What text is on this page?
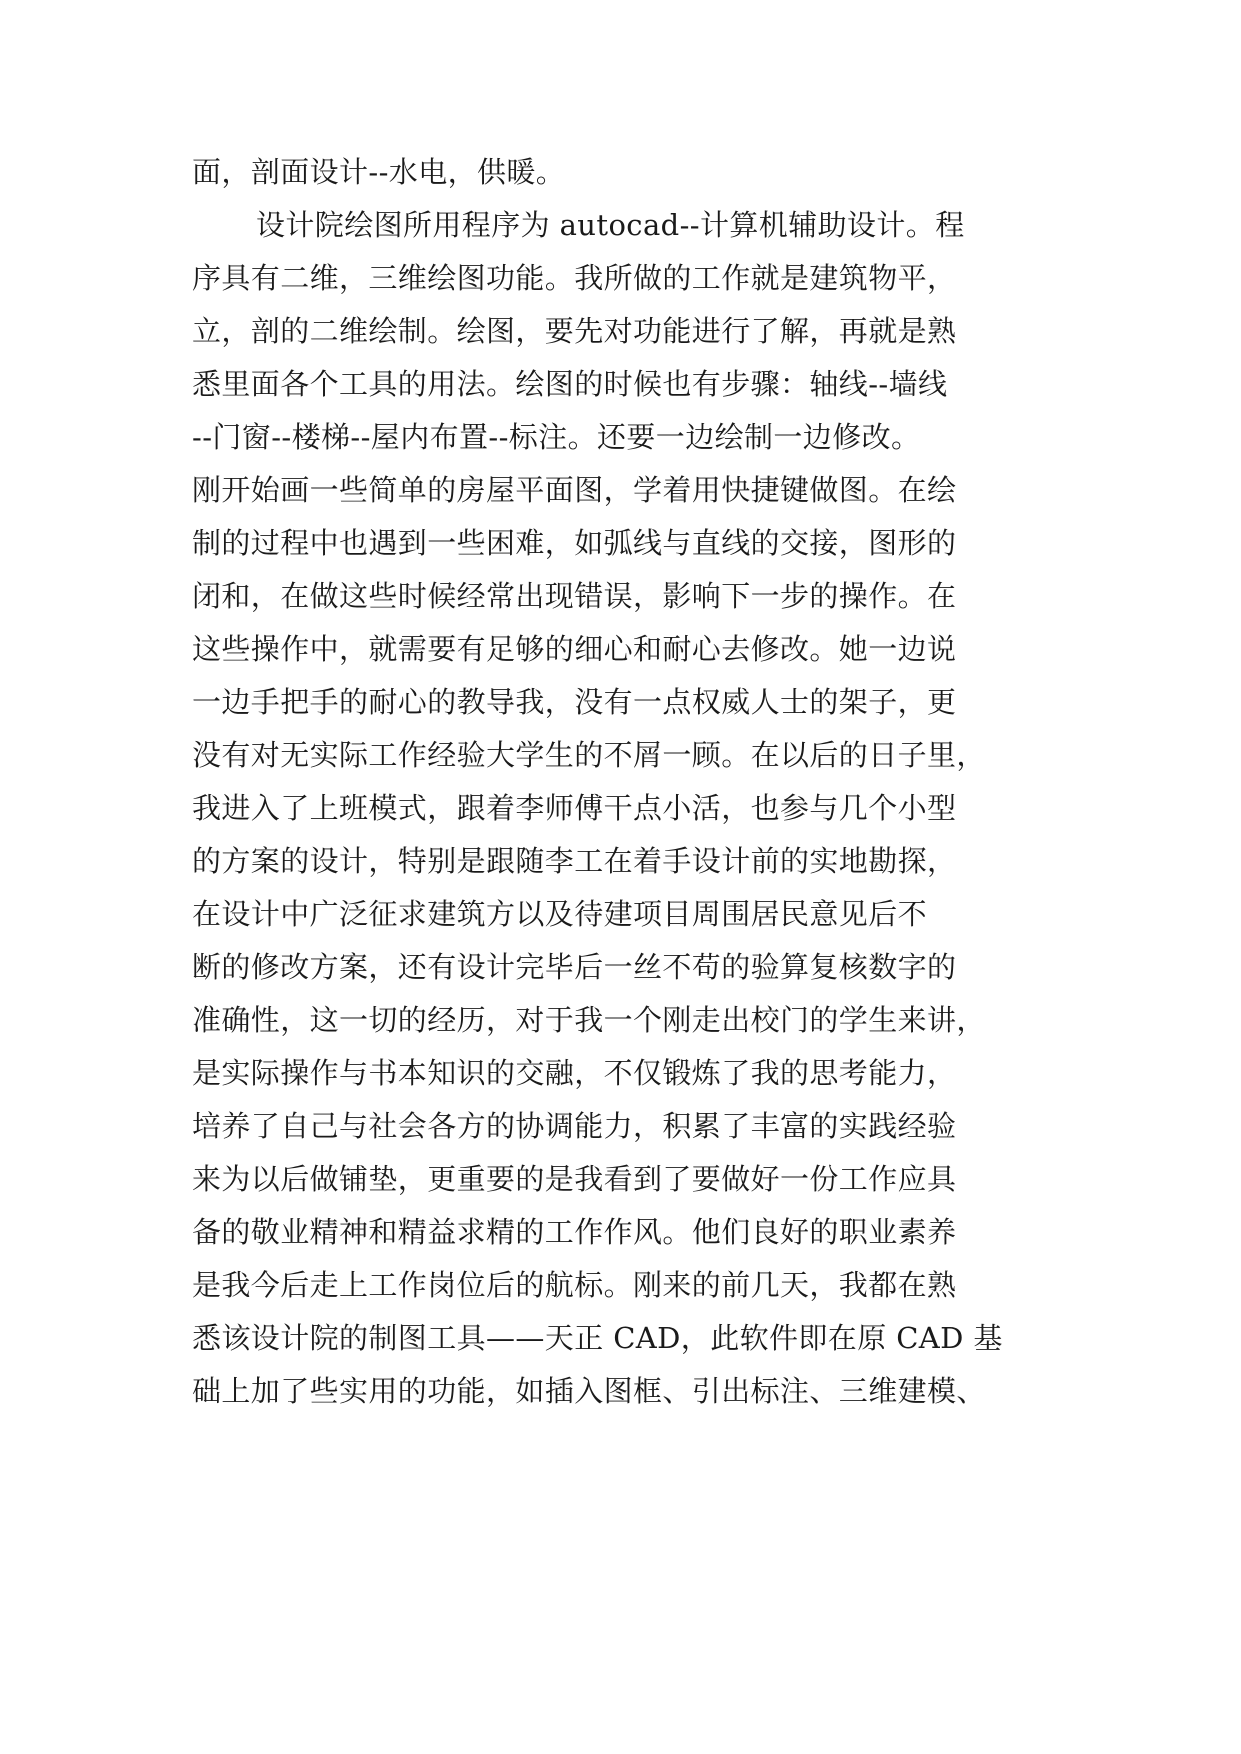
面，剖面设计--水电，供暖。
设计院绘图所用程序为 autocad--计算机辅助设计。程
序具有二维，三维绘图功能。我所做的工作就是建筑物平，
立，剖的二维绘制。绘图，要先对功能进行了解，再就是熟
悉里面各个工具的用法。绘图的时候也有步骤：轴线--墙线
--门窗--楼梯--屋内布置--标注。还要一边绘制一边修改。
刚开始画一些简单的房屋平面图，学着用快捷键做图。在绘
制的过程中也遇到一些困难，如弧线与直线的交接，图形的
闭和，在做这些时候经常出现错误，影响下一步的操作。在
这些操作中，就需要有足够的细心和耐心去修改。她一边说
一边手把手的耐心的教导我，没有一点权威人士的架子，更
没有对无实际工作经验大学生的不屑一顾。在以后的日子里，
我进入了上班模式，跟着李师傅干点小活，也参与几个小型
的方案的设计，特别是跟随李工在着手设计前的实地勘探，
在设计中广泛征求建筑方以及待建项目周围居民意见后不
断的修改方案，还有设计完毕后一丝不苟的验算复核数字的
准确性，这一切的经历，对于我一个刚走出校门的学生来讲，
是实际操作与书本知识的交融，不仅锻炼了我的思考能力，
培养了自己与社会各方的协调能力，积累了丰富的实践经验
来为以后做铺垫，更重要的是我看到了要做好一份工作应具
备的敬业精神和精益求精的工作作风。他们良好的职业素养
是我今后走上工作岗位后的航标。刚来的前几天，我都在熟
悉该设计院的制图工具——天正 CAD，此软件即在原 CAD 基
础上加了些实用的功能，如插入图框、引出标注、三维建模、
